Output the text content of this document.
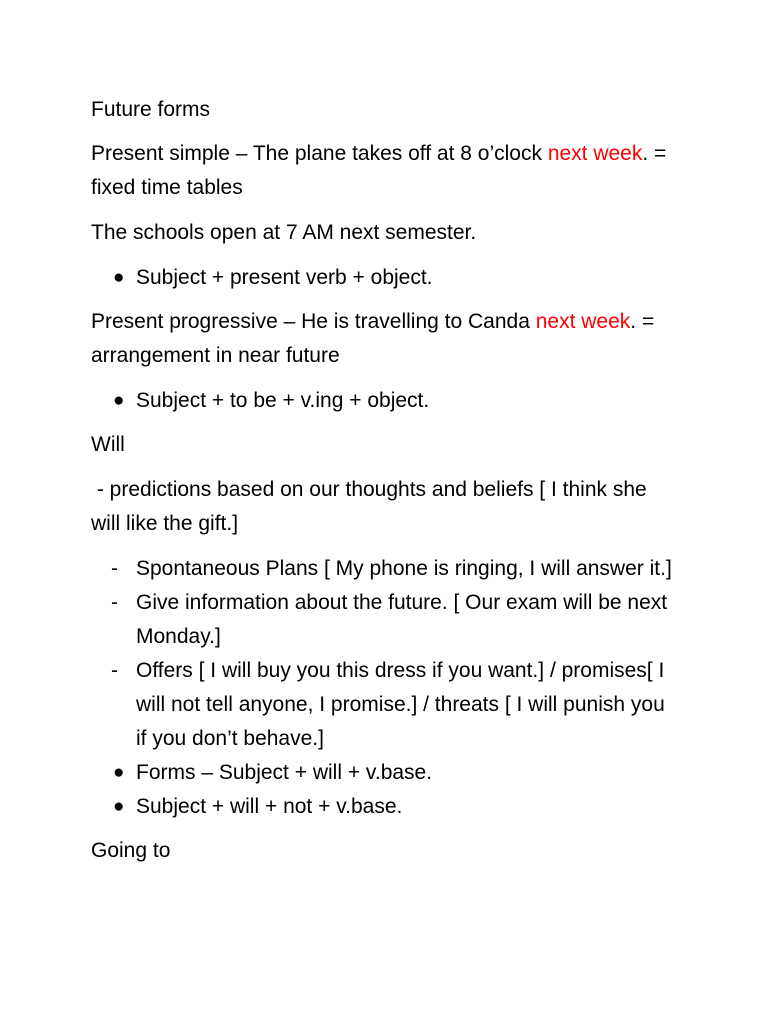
Future forms

Present simple – The plane takes off at 8 o’clock next week. = fixed time tables

The schools open at 7 AM next semester.

● Subject + present verb + object.

Present progressive – He is travelling to Canda next week. = arrangement in near future

● Subject + to be + v.ing + object.

Will

- predictions based on our thoughts and beliefs [ I think she will like the gift.]

- Spontaneous Plans [ My phone is ringing, I will answer it.]
- Give information about the future. [ Our exam will be next Monday.]
- Offers [ I will buy you this dress if you want.] / promises[ I will not tell anyone, I promise.] / threats [ I will punish you if you don’t behave.]
● Forms – Subject + will + v.base.
● Subject + will + not + v.base.

Going to
